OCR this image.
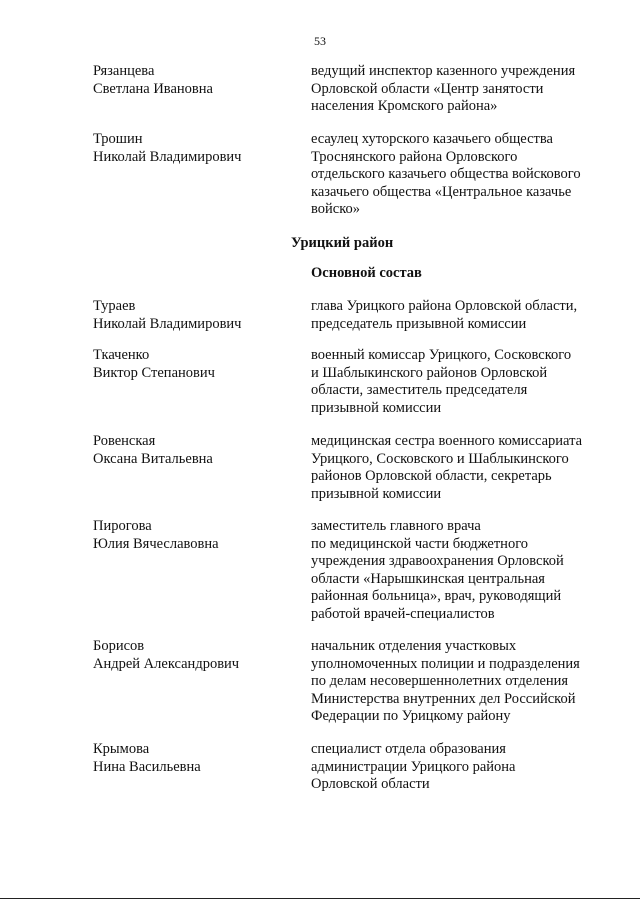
53
Рязанцева
Светлана Ивановна
ведущий инспектор казенного учреждения
Орловской области «Центр занятости
населения Кромского района»
Трошин
Николай Владимирович
есаулец хуторского казачьего общества
Троснянского района Орловского
отдельского казачьего общества войскового
казачьего общества «Центральное казачье
войско»
Урицкий район
Основной состав
Тураев
Николай Владимирович
глава Урицкого района Орловской области,
председатель призывной комиссии
Ткаченко
Виктор Степанович
военный комиссар Урицкого, Сосковского
и Шаблыкинского районов Орловской
области, заместитель председателя
призывной комиссии
Ровенская
Оксана Витальевна
медицинская сестра военного комиссариата
Урицкого, Сосковского и Шаблыкинского
районов Орловской области, секретарь
призывной комиссии
Пирогова
Юлия Вячеславовна
заместитель главного врача
по медицинской части бюджетного
учреждения здравоохранения Орловской
области «Нарышкинская центральная
районная больница», врач, руководящий
работой врачей-специалистов
Борисов
Андрей Александрович
начальник отделения участковых
уполномоченных полиции и подразделения
по делам несовершеннолетних отделения
Министерства внутренних дел Российской
Федерации по Урицкому району
Крымова
Нина Васильевна
специалист отдела образования
администрации Урицкого района
Орловской области
